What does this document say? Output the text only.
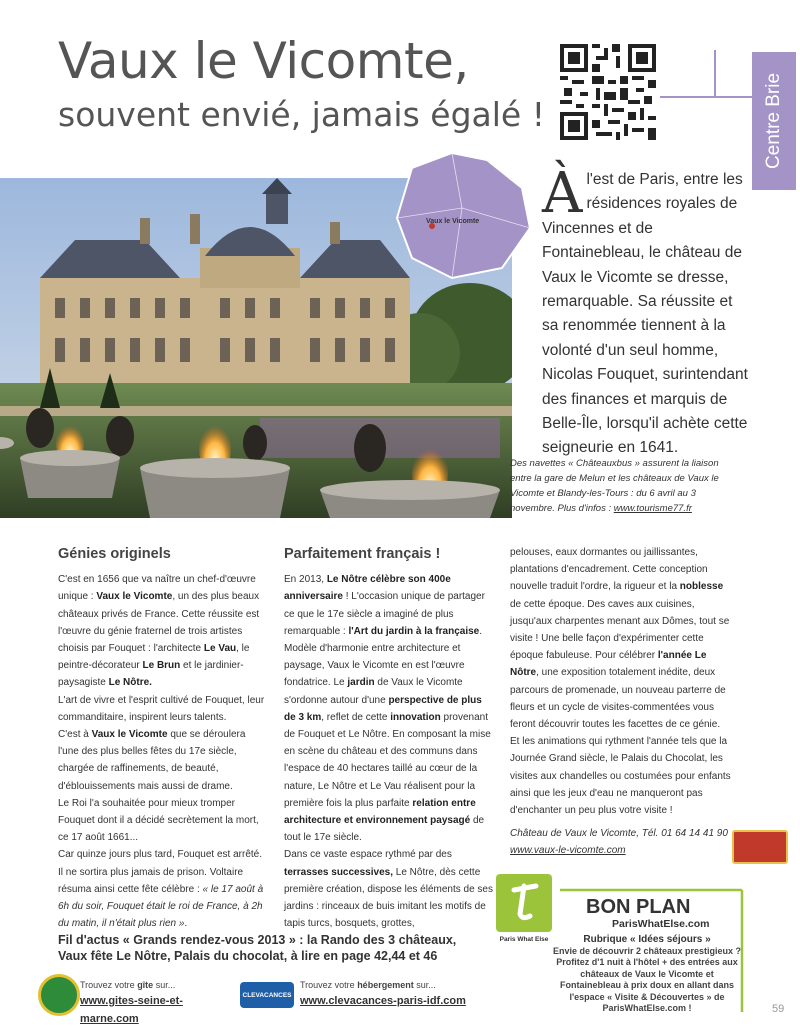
Vaux le Vicomte,
souvent envié, jamais égalé !	Centre Brie
Vaux le Vicomte À l'est de Paris, entre les résidences royales de Vincennes et de Fontainebleau, le château de Vaux le Vicomte se dresse, remarquable. Sa réussite et sa renommée tiennent à la volonté d'un seul homme, Nicolas Fouquet, surintendant des finances et marquis de Belle-Île, lorsqu'il achète cette seigneurie en 1641.
Des navettes « Châteauxbus » assurent la liaison entre la gare de Melun et les châteaux de Vaux le Vicomte et Blandy-les-Tours : du 6 avril au 3 novembre. Plus d'infos : www.tourisme77.fr
Génies originels

C'est en 1656 que va naître un chef-d'œuvre unique : Vaux le Vicomte, un des plus beaux châteaux privés de France. Cette réussite est l'œuvre du génie fraternel de trois artistes choisis par Fouquet : l'architecte Le Vau, le peintre-décorateur Le Brun et le jardinier-paysagiste Le Nôtre.

L'art de vivre et l'esprit cultivé de Fouquet, leur commanditaire, inspirent leurs talents.

C'est à Vaux le Vicomte que se déroulera l'une des plus belles fêtes du 17e siècle, chargée de raffinements, de beauté, d'éblouissements mais aussi de drame.

Le Roi l'a souhaitée pour mieux tromper Fouquet dont il a décidé secrètement la mort, ce 17 août 1661...

Car quinze jours plus tard, Fouquet est arrêté. Il ne sortira plus jamais de prison. Voltaire résuma ainsi cette fête célèbre : « le 17 août à 6h du soir, Fouquet était le roi de France, à 2h du matin, il n'était plus rien ».

Parfaitement français !

En 2013, Le Nôtre célèbre son 400e anniversaire ! L'occasion unique de partager ce que le 17e siècle a imaginé de plus remarquable : l'Art du jardin à la française. Modèle d'harmonie entre architecture et paysage, Vaux le Vicomte en est l'œuvre fondatrice. Le jardin de Vaux le Vicomte s'ordonne autour d'une perspective de plus de 3 km, reflet de cette innovation provenant de Fouquet et Le Nôtre. En composant la mise en scène du château et des communs dans l'espace de 40 hectares taillé au cœur de la nature, Le Nôtre et Le Vau réalisent pour la première fois la plus parfaite relation entre architecture et environnement paysagé de tout le 17e siècle.

Dans ce vaste espace rythmé par des terrasses successives, Le Nôtre, dès cette première création, dispose les éléments de ses jardins : rinceaux de buis imitant les motifs de tapis turcs, bosquets, grottes,

pelouses, eaux dormantes ou jaillissantes, plantations d'encadrement. Cette conception nouvelle traduit l'ordre, la rigueur et la noblesse de cette époque. Des caves aux cuisines, jusqu'aux charpentes menant aux Dômes, tout se visite ! Une belle façon d'expérimenter cette époque fabuleuse. Pour célébrer l'année Le Nôtre, une exposition totalement inédite, deux parcours de promenade, un nouveau parterre de fleurs et un cycle de visites-commentées vous feront découvrir toutes les facettes de ce génie.

Et les animations qui rythment l'année tels que la Journée Grand siècle, le Palais du Chocolat, les visites aux chandelles ou costumées pour enfants ainsi que les jeux d'eau ne manqueront pas d'enchanter un peu plus votre visite !

Château de Vaux le Vicomte, Tél. 01 64 14 41 90

www.vaux-le-vicomte.com

Fil d'actus « Grands rendez-vous 2013 » : la Rando des 3 châteaux, Vaux fête Le Nôtre, Palais du chocolat, à lire en page 42,44 et 46
Trouvez votre gîte sur...
www.gites-seine-et-marne.com
CLEVACANCES
Trouvez votre hébergement sur...
www.clevacances-paris-idf.com
Paris What Else
BON PLAN
ParisWhatElse.com
Rubrique « Idées séjours »
Envie de découvrir 2 châteaux prestigieux ? Profitez d'1 nuit à l'hôtel + des entrées aux châteaux de Vaux le Vicomte et Fontainebleau à prix doux en allant dans l'espace « Visite & Découvertes » de ParisWhatElse.com !	59
